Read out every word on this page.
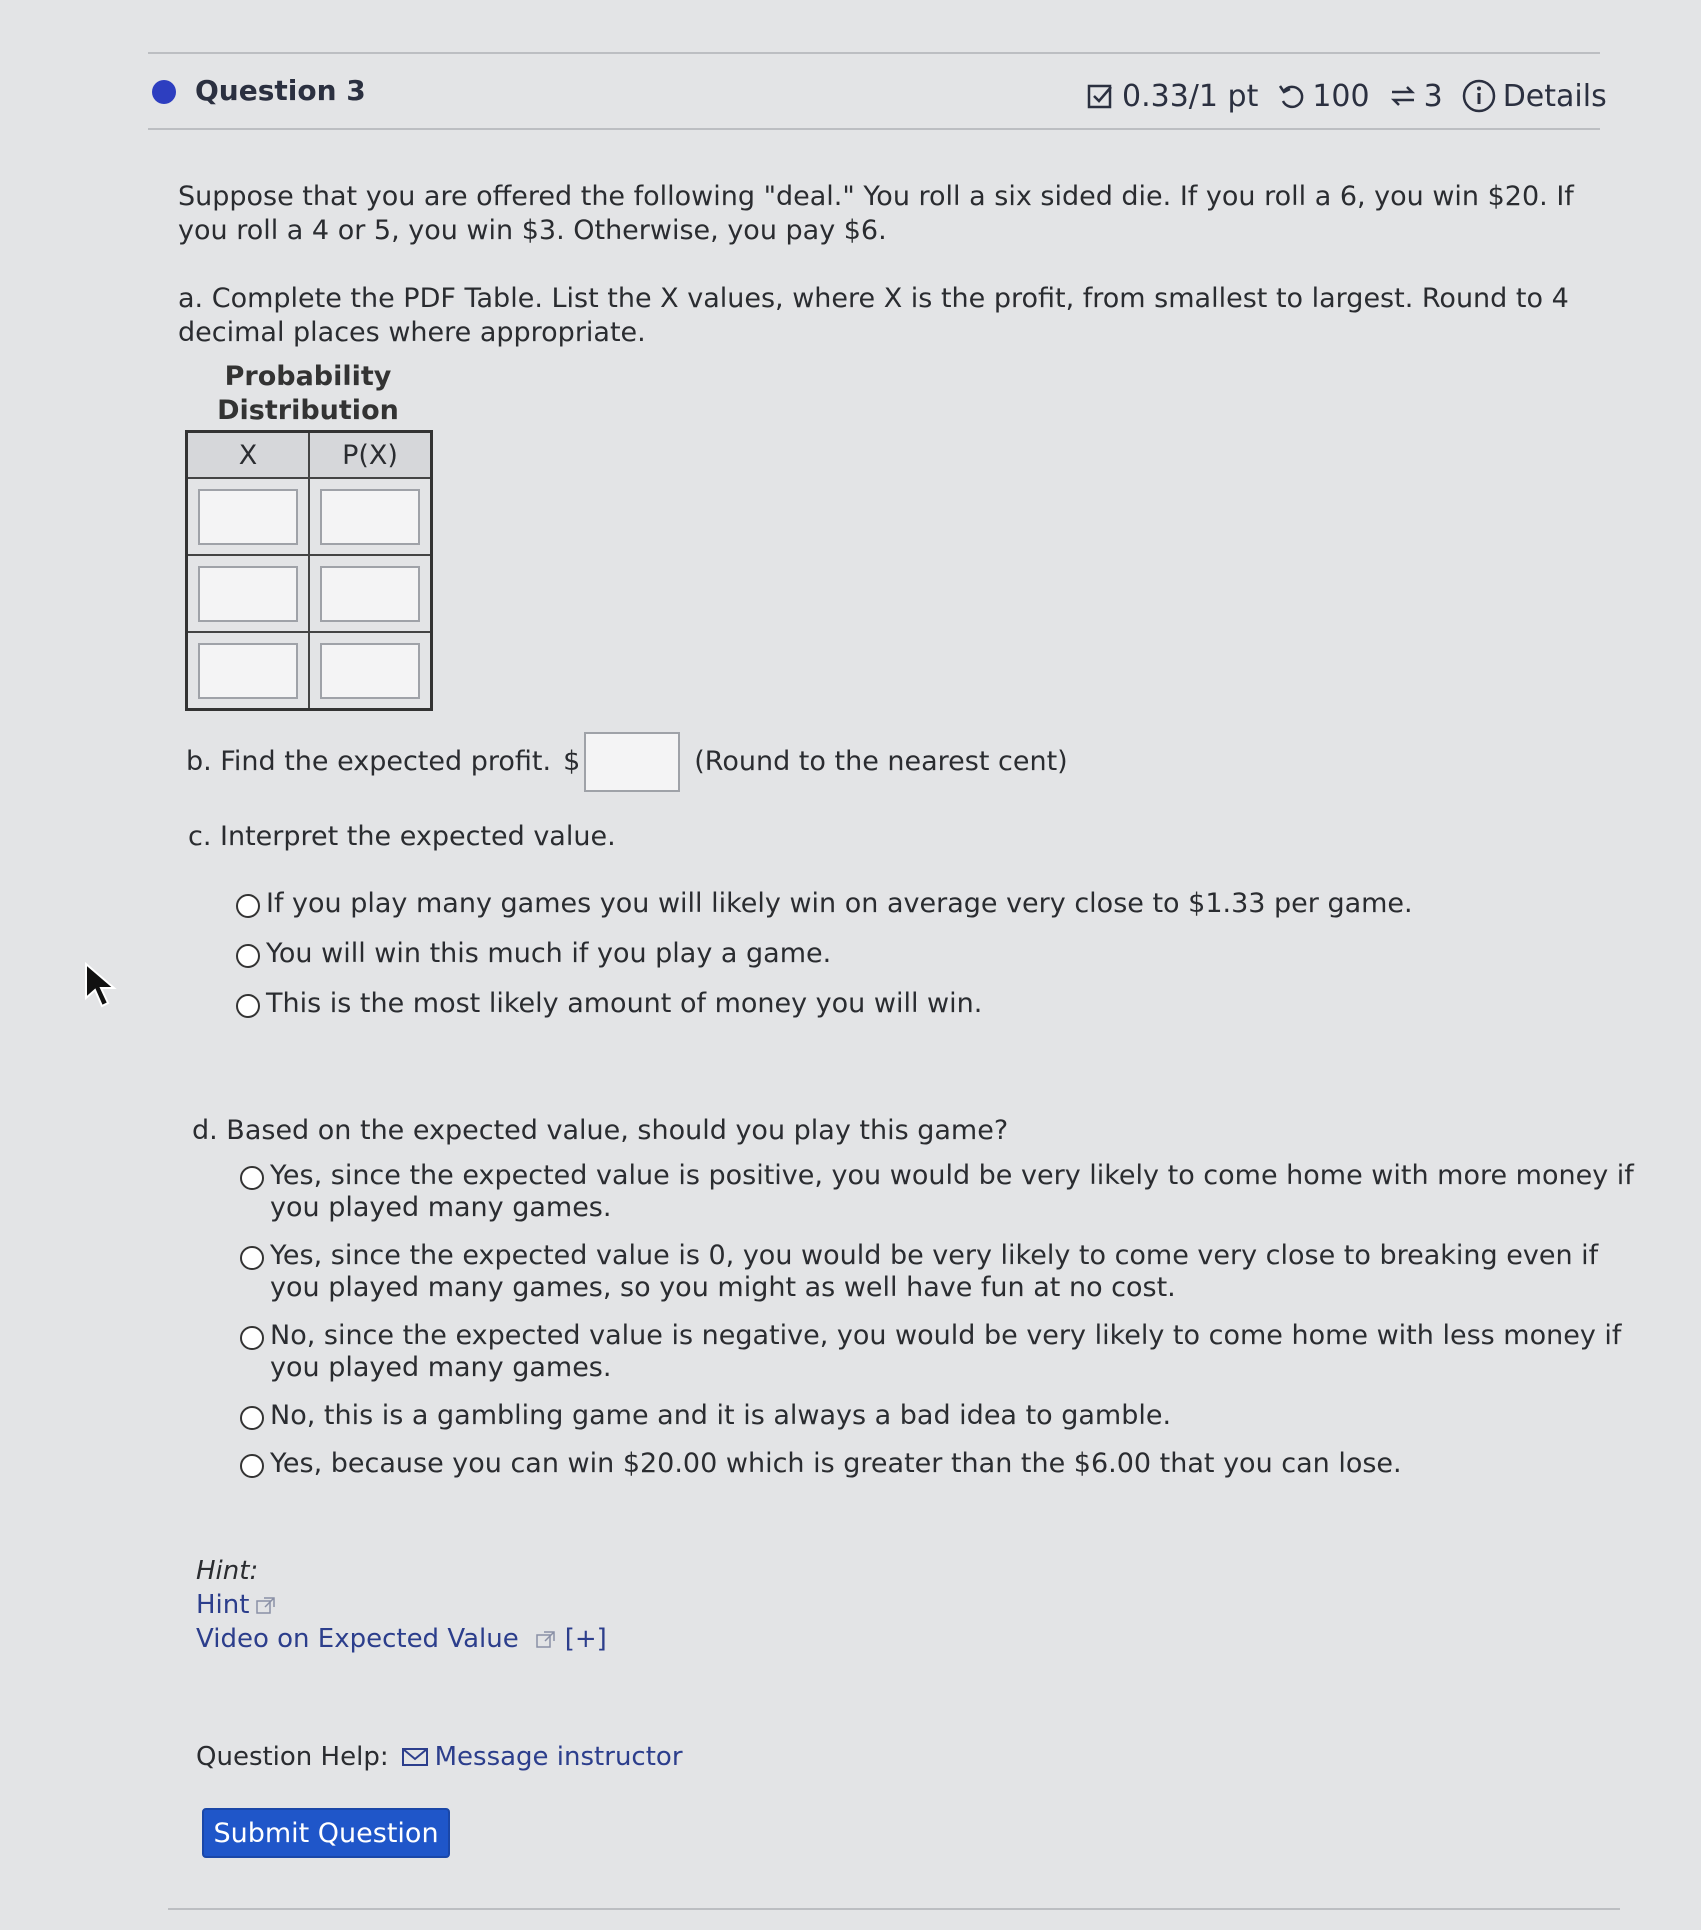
Question 3	0.33/1 pt 100 3 Details
Suppose that you are offered the following "deal." You roll a six sided die. If you roll a 6, you win $20. If
you roll a 4 or 5, you win $3. Otherwise, you pay $6.
a. Complete the PDF Table. List the X values, where X is the profit, from smallest to largest. Round to 4
decimal places where appropriate.
Probability
Distribution
X	P(X)

b. Find the expected profit. $	(Round to the nearest cent)
c. Interpret the expected value.
If you play many games you will likely win on average very close to $1.33 per game.
You will win this much if you play a game.
This is the most likely amount of money you will win.
d. Based on the expected value, should you play this game?
Yes, since the expected value is positive, you would be very likely to come home with more money if
you played many games.
Yes, since the expected value is 0, you would be very likely to come very close to breaking even if
you played many games, so you might as well have fun at no cost.
No, since the expected value is negative, you would be very likely to come home with less money if
you played many games.
No, this is a gambling game and it is always a bad idea to gamble.
Yes, because you can win $20.00 which is greater than the $6.00 that you can lose.
Hint:
Hint
Video on Expected Value [+]
Question Help: Message instructor
Submit Question
